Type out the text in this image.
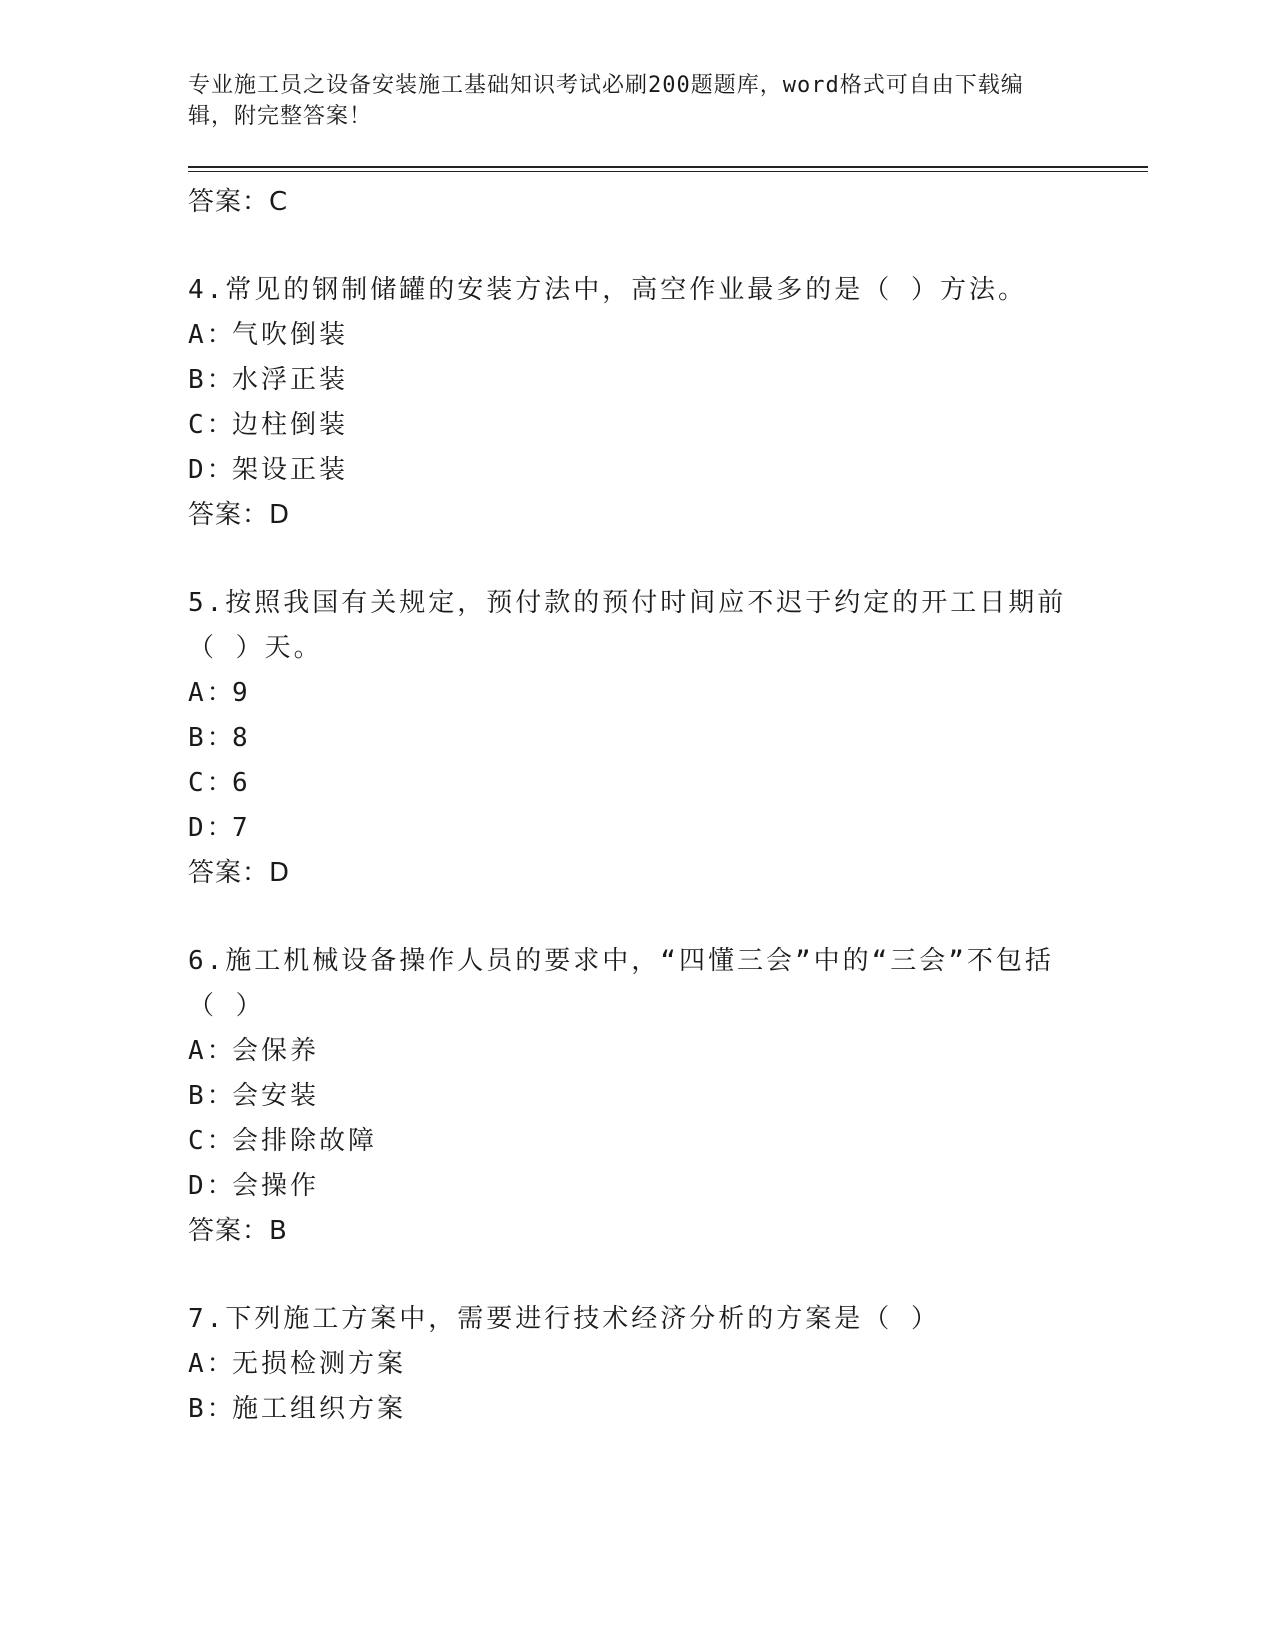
专业施工员之设备安装施工基础知识考试必刷200题题库，word格式可自由下载编辑，附完整答案！
答案：C
4.常见的钢制储罐的安装方法中，高空作业最多的是（ ）方法。
A：气吹倒装
B：水浮正装
C：边柱倒装
D：架设正装
答案：D
5.按照我国有关规定，预付款的预付时间应不迟于约定的开工日期前（ ）天。
A：9
B：8
C：6
D：7
答案：D
6.施工机械设备操作人员的要求中，“四懂三会”中的“三会”不包括（ ）
A：会保养
B：会安装
C：会排除故障
D：会操作
答案：B
7.下列施工方案中，需要进行技术经济分析的方案是（ ）
A：无损检测方案
B：施工组织方案
